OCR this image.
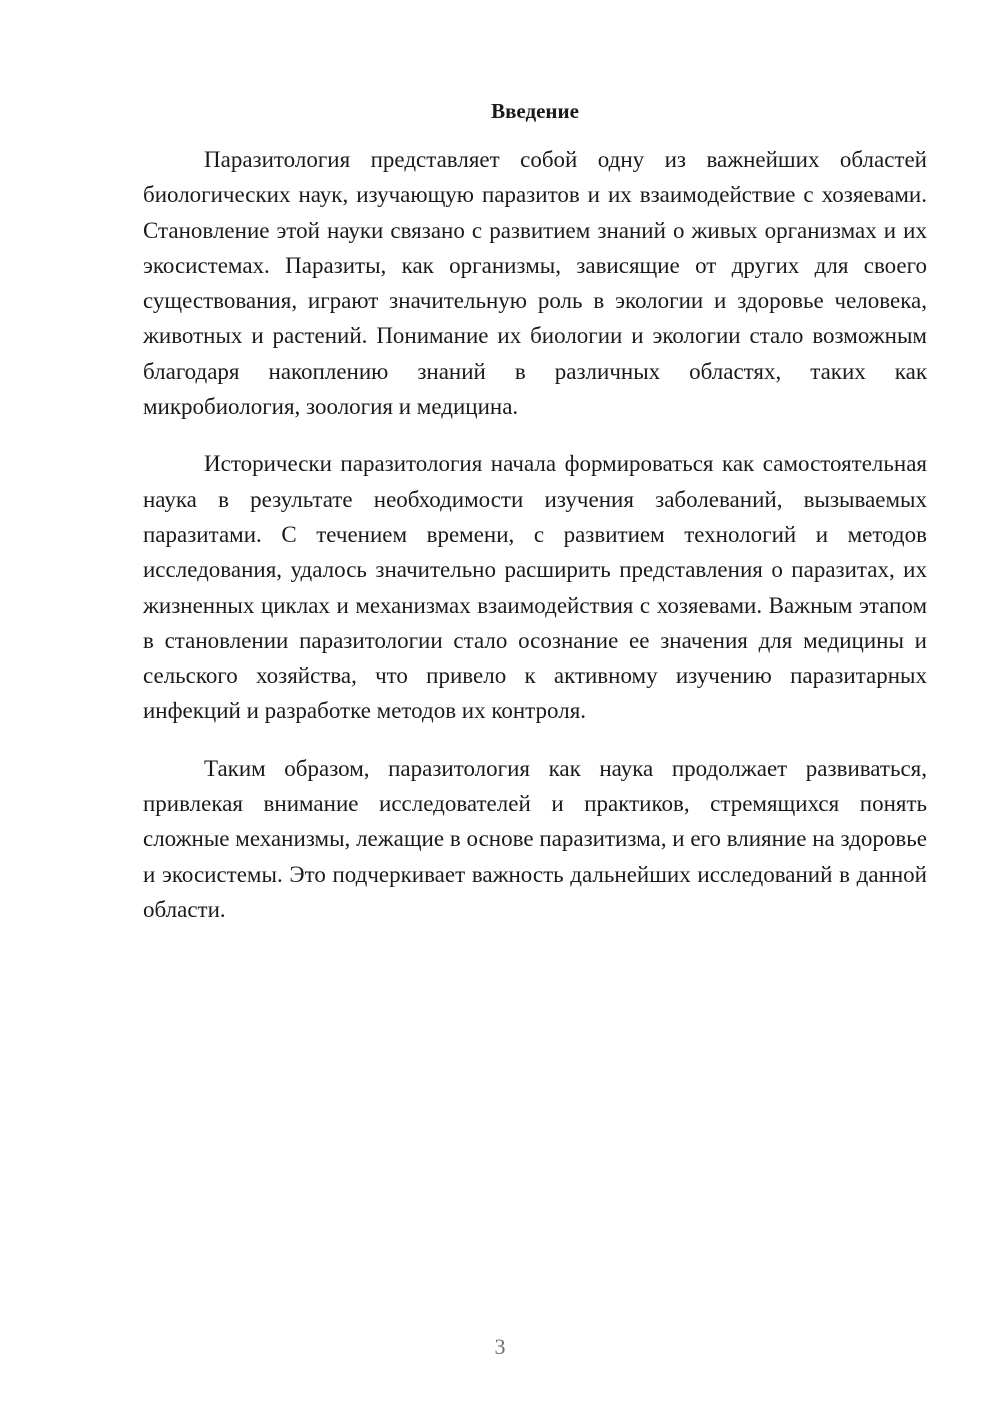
Введение

Паразитология представляет собой одну из важнейших областей биологических наук, изучающую паразитов и их взаимодействие с хозяевами. Становление этой науки связано с развитием знаний о живых организмах и их экосистемах. Паразиты, как организмы, зависящие от других для своего существования, играют значительную роль в экологии и здоровье человека, животных и растений. Понимание их биологии и экологии стало возможным благодаря накоплению знаний в различных областях, таких как микробиология, зоология и медицина.

Исторически паразитология начала формироваться как самостоятельная наука в результате необходимости изучения заболеваний, вызываемых паразитами. С течением времени, с развитием технологий и методов исследования, удалось значительно расширить представления о паразитах, их жизненных циклах и механизмах взаимодействия с хозяевами. Важным этапом в становлении паразитологии стало осознание ее значения для медицины и сельского хозяйства, что привело к активному изучению паразитарных инфекций и разработке методов их контроля.

Таким образом, паразитология как наука продолжает развиваться, привлекая внимание исследователей и практиков, стремящихся понять сложные механизмы, лежащие в основе паразитизма, и его влияние на здоровье и экосистемы. Это подчеркивает важность дальнейших исследований в данной области.

3
